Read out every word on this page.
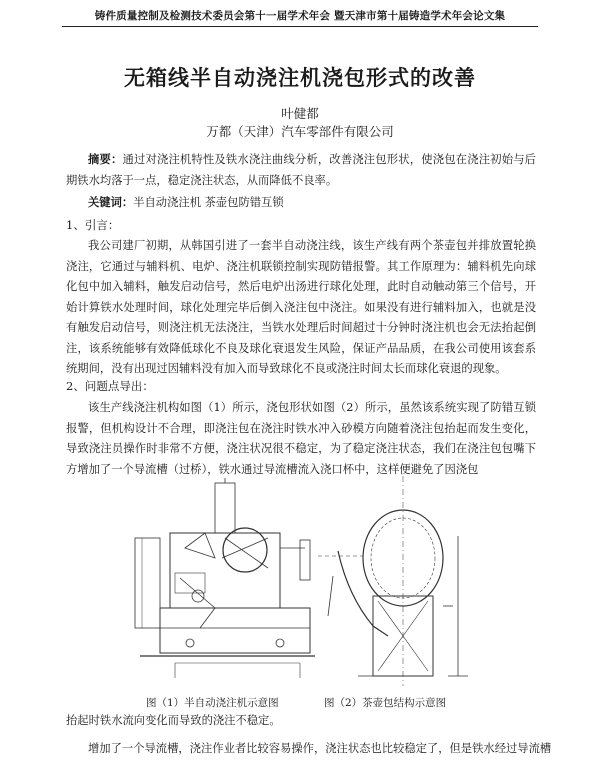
铸件质量控制及检测技术委员会第十一届学术年会 暨天津市第十届铸造学术年会论文集
无箱线半自动浇注机浇包形式的改善
叶健都
万都（天津）汽车零部件有限公司
摘要：通过对浇注机特性及铁水浇注曲线分析，改善浇注包形状，使浇包在浇注初始与后期铁水均落于一点，稳定浇注状态，从而降低不良率。
关键词：半自动浇注机 茶壶包防错互锁
1、引言：
我公司建厂初期，从韩国引进了一套半自动浇注线，该生产线有两个茶壶包并排放置轮换浇注，它通过与辅料机、电炉、浇注机联锁控制实现防错报警。其工作原理为：辅料机先向球化包中加入辅料，触发启动信号，然后电炉出汤进行球化处理，此时自动触动第三个信号，开始计算铁水处理时间，球化处理完毕后倒入浇注包中浇注。如果没有进行辅料加入，也就是没有触发启动信号，则浇注机无法浇注，当铁水处理后时间超过十分钟时浇注机也会无法抬起倒注，该系统能够有效降低球化不良及球化衰退发生风险，保证产品品质，在我公司使用该套系统期间，没有出现过因辅料没有加入而导致球化不良或浇注时间太长而球化衰退的现象。
2、问题点导出：
该生产线浇注机构如图（1）所示，浇包形状如图（2）所示，虽然该系统实现了防错互锁报警，但机构设计不合理，即浇注包在浇注时铁水冲入砂模方向随着浇注包抬起而发生变化，导致浇注员操作时非常不方便，浇注状况很不稳定，为了稳定浇注状态，我们在浇注包包嘴下方增加了一个导流槽（过桥），铁水通过导流槽流入浇口杯中，这样便避免了因浇包
图（1）半自动浇注机示意图	图（2）茶壶包结构示意图
抬起时铁水流向变化而导致的浇注不稳定。
增加了一个导流槽，浇注作业者比较容易操作，浇注状态也比较稳定了，但是铁水经过导流槽
